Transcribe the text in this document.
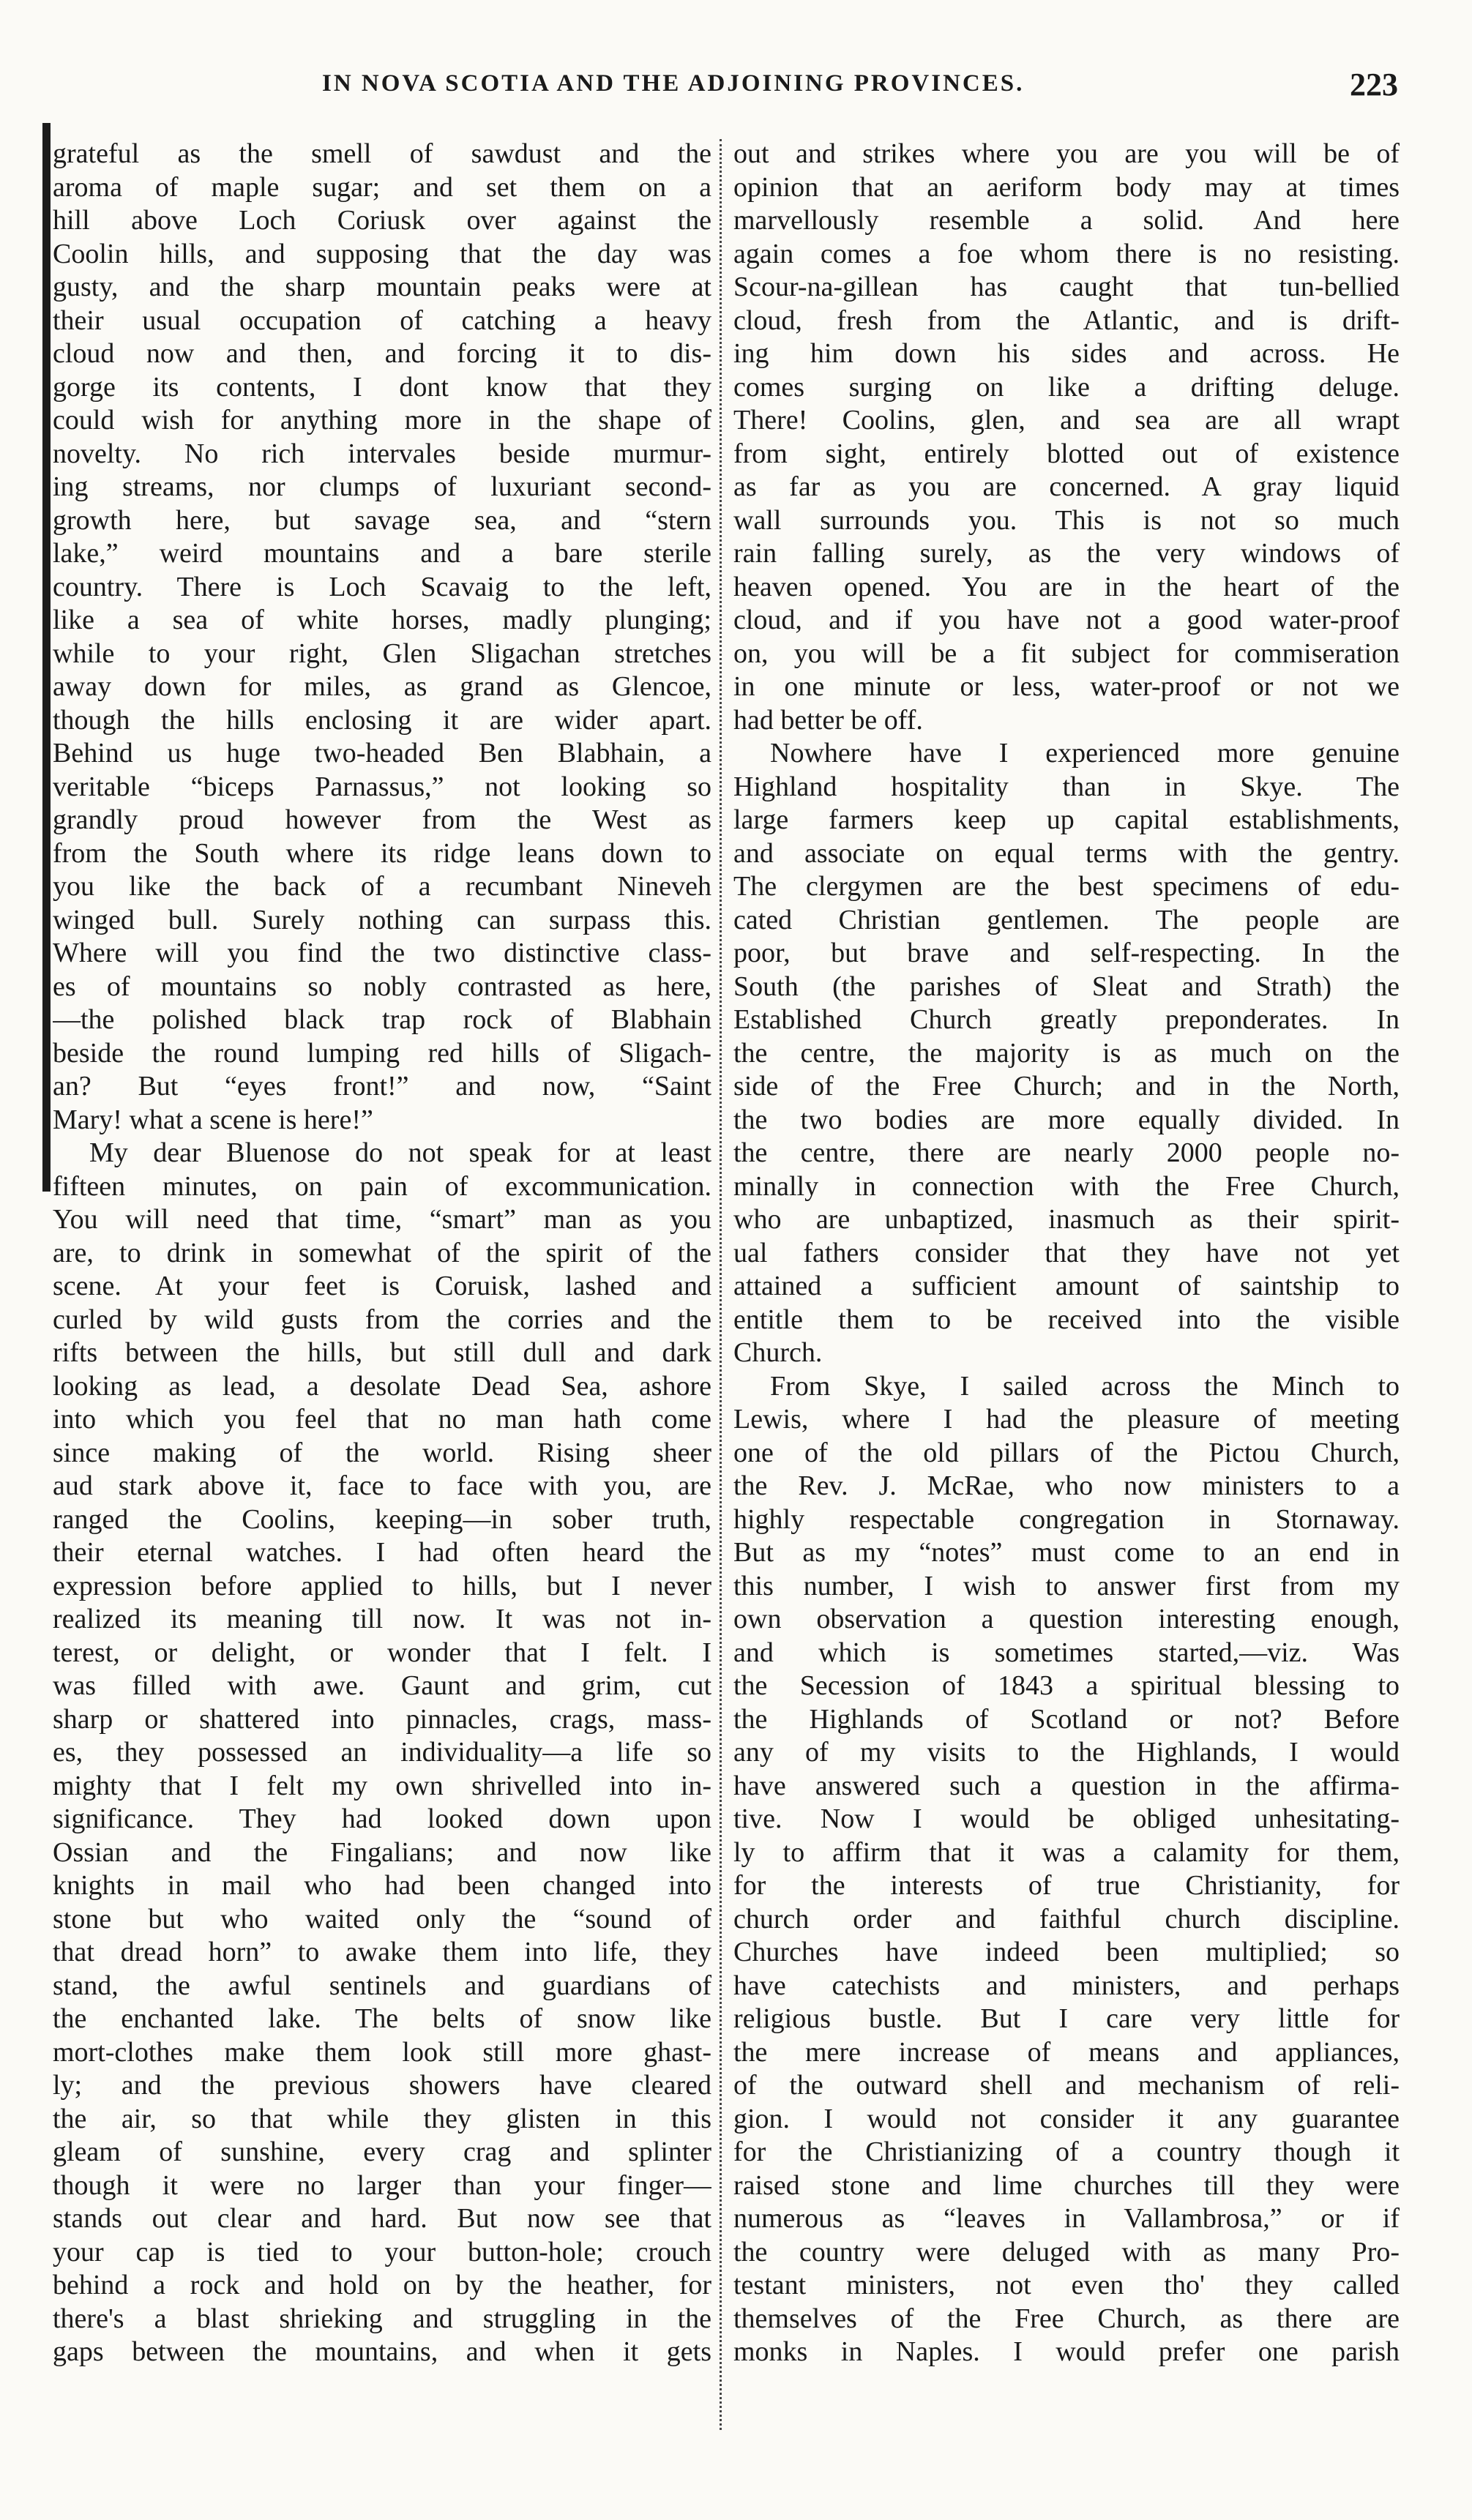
IN NOVA SCOTIA AND THE ADJOINING PROVINCES.	223
grateful as the smell of sawdust and the
aroma of maple sugar; and set them on a
hill above Loch Coriusk over against the
Coolin hills, and supposing that the day was
gusty, and the sharp mountain peaks were at
their usual occupation of catching a heavy
cloud now and then, and forcing it to dis-
gorge its contents, I dont know that they
could wish for anything more in the shape of
novelty. No rich intervales beside murmur-
ing streams, nor clumps of luxuriant second-
growth here, but savage sea, and “stern
lake,” weird mountains and a bare sterile
country. There is Loch Scavaig to the left,
like a sea of white horses, madly plunging;
while to your right, Glen Sligachan stretches
away down for miles, as grand as Glencoe,
though the hills enclosing it are wider apart.
Behind us huge two-headed Ben Blabhain, a
veritable “biceps Parnassus,” not looking so
grandly proud however from the West as
from the South where its ridge leans down to
you like the back of a recumbant Nineveh
winged bull. Surely nothing can surpass this.
Where will you find the two distinctive class-
es of mountains so nobly contrasted as here,
—the polished black trap rock of Blabhain
beside the round lumping red hills of Sligach-
an? But “eyes front!” and now, “Saint
Mary! what a scene is here!”
My dear Bluenose do not speak for at least
fifteen minutes, on pain of excommunication.
You will need that time, “smart” man as you
are, to drink in somewhat of the spirit of the
scene. At your feet is Coruisk, lashed and
curled by wild gusts from the corries and the
rifts between the hills, but still dull and dark
looking as lead, a desolate Dead Sea, ashore
into which you feel that no man hath come
since making of the world. Rising sheer
aud stark above it, face to face with you, are
ranged the Coolins, keeping—in sober truth,
their eternal watches. I had often heard the
expression before applied to hills, but I never
realized its meaning till now. It was not in-
terest, or delight, or wonder that I felt. I
was filled with awe. Gaunt and grim, cut
sharp or shattered into pinnacles, crags, mass-
es, they possessed an individuality—a life so
mighty that I felt my own shrivelled into in-
significance. They had looked down upon
Ossian and the Fingalians; and now like
knights in mail who had been changed into
stone but who waited only the “sound of
that dread horn” to awake them into life, they
stand, the awful sentinels and guardians of
the enchanted lake. The belts of snow like
mort-clothes make them look still more ghast-
ly; and the previous showers have cleared
the air, so that while they glisten in this
gleam of sunshine, every crag and splinter
though it were no larger than your finger—
stands out clear and hard. But now see that
your cap is tied to your button-hole; crouch
behind a rock and hold on by the heather, for
there's a blast shrieking and struggling in the
gaps between the mountains, and when it gets
out and strikes where you are you will be of
opinion that an aeriform body may at times
marvellously resemble a solid. And here
again comes a foe whom there is no resisting.
Scour-na-gillean has caught that tun-bellied
cloud, fresh from the Atlantic, and is drift-
ing him down his sides and across. He
comes surging on like a drifting deluge.
There! Coolins, glen, and sea are all wrapt
from sight, entirely blotted out of existence
as far as you are concerned. A gray liquid
wall surrounds you. This is not so much
rain falling surely, as the very windows of
heaven opened. You are in the heart of the
cloud, and if you have not a good water-proof
on, you will be a fit subject for commiseration
in one minute or less, water-proof or not we
had better be off.
Nowhere have I experienced more genuine
Highland hospitality than in Skye. The
large farmers keep up capital establishments,
and associate on equal terms with the gentry.
The clergymen are the best specimens of edu-
cated Christian gentlemen. The people are
poor, but brave and self-respecting. In the
South (the parishes of Sleat and Strath) the
Established Church greatly preponderates. In
the centre, the majority is as much on the
side of the Free Church; and in the North,
the two bodies are more equally divided. In
the centre, there are nearly 2000 people no-
minally in connection with the Free Church,
who are unbaptized, inasmuch as their spirit-
ual fathers consider that they have not yet
attained a sufficient amount of saintship to
entitle them to be received into the visible
Church.
From Skye, I sailed across the Minch to
Lewis, where I had the pleasure of meeting
one of the old pillars of the Pictou Church,
the Rev. J. McRae, who now ministers to a
highly respectable congregation in Stornaway.
But as my “notes” must come to an end in
this number, I wish to answer first from my
own observation a question interesting enough,
and which is sometimes started,—viz. Was
the Secession of 1843 a spiritual blessing to
the Highlands of Scotland or not? Before
any of my visits to the Highlands, I would
have answered such a question in the affirma-
tive. Now I would be obliged unhesitating-
ly to affirm that it was a calamity for them,
for the interests of true Christianity, for
church order and faithful church discipline.
Churches have indeed been multiplied; so
have catechists and ministers, and perhaps
religious bustle. But I care very little for
the mere increase of means and appliances,
of the outward shell and mechanism of reli-
gion. I would not consider it any guarantee
for the Christianizing of a country though it
raised stone and lime churches till they were
numerous as “leaves in Vallambrosa,” or if
the country were deluged with as many Pro-
testant ministers, not even tho' they called
themselves of the Free Church, as there are
monks in Naples. I would prefer one parish
